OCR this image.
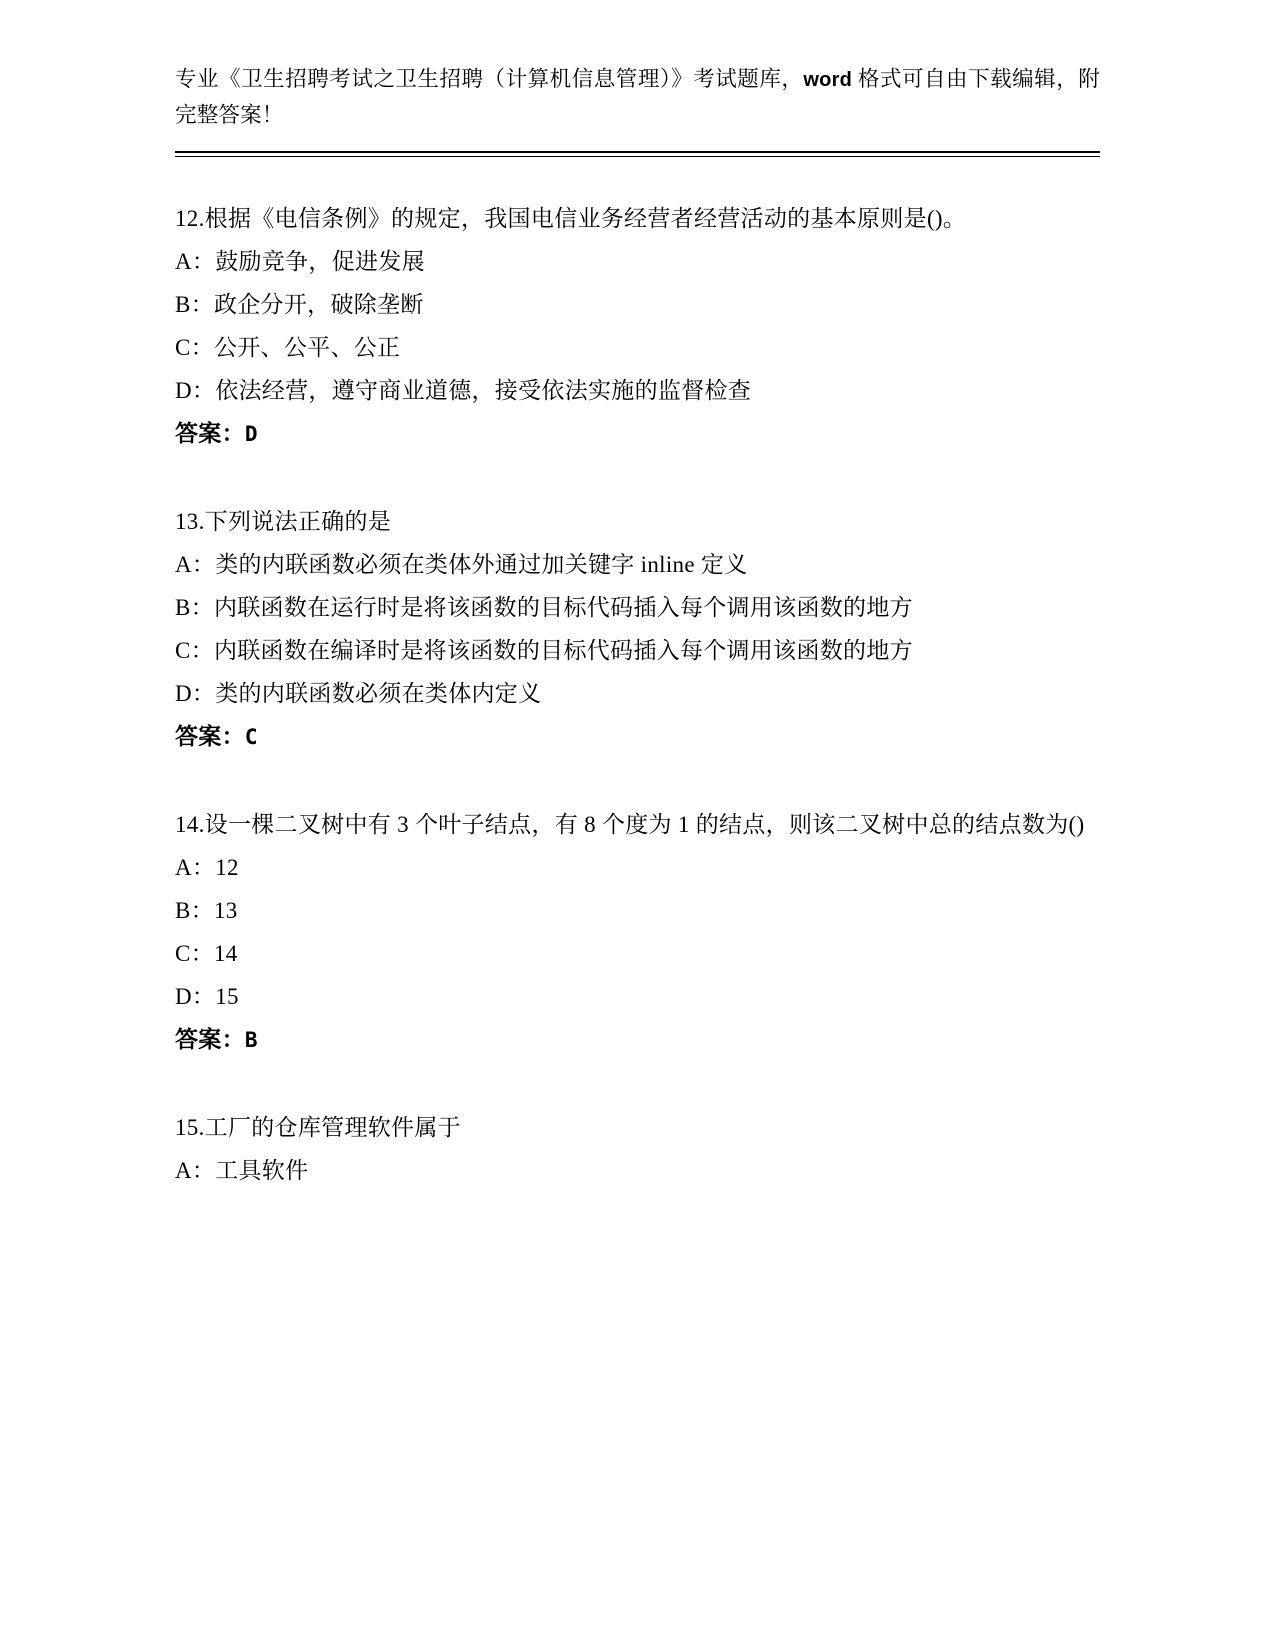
专业《卫生招聘考试之卫生招聘（计算机信息管理）》考试题库，word 格式可自由下载编辑，附完整答案！
12.根据《电信条例》的规定，我国电信业务经营者经营活动的基本原则是()。
A：鼓励竞争，促进发展
B：政企分开，破除垄断
C：公开、公平、公正
D：依法经营，遵守商业道德，接受依法实施的监督检查
答案：D
13.下列说法正确的是
A：类的内联函数必须在类体外通过加关键字 inline 定义
B：内联函数在运行时是将该函数的目标代码插入每个调用该函数的地方
C：内联函数在编译时是将该函数的目标代码插入每个调用该函数的地方
D：类的内联函数必须在类体内定义
答案：C
14.设一棵二叉树中有 3 个叶子结点，有 8 个度为 1 的结点，则该二叉树中总的结点数为()
A：12
B：13
C：14
D：15
答案：B
15.工厂的仓库管理软件属于
A：工具软件
